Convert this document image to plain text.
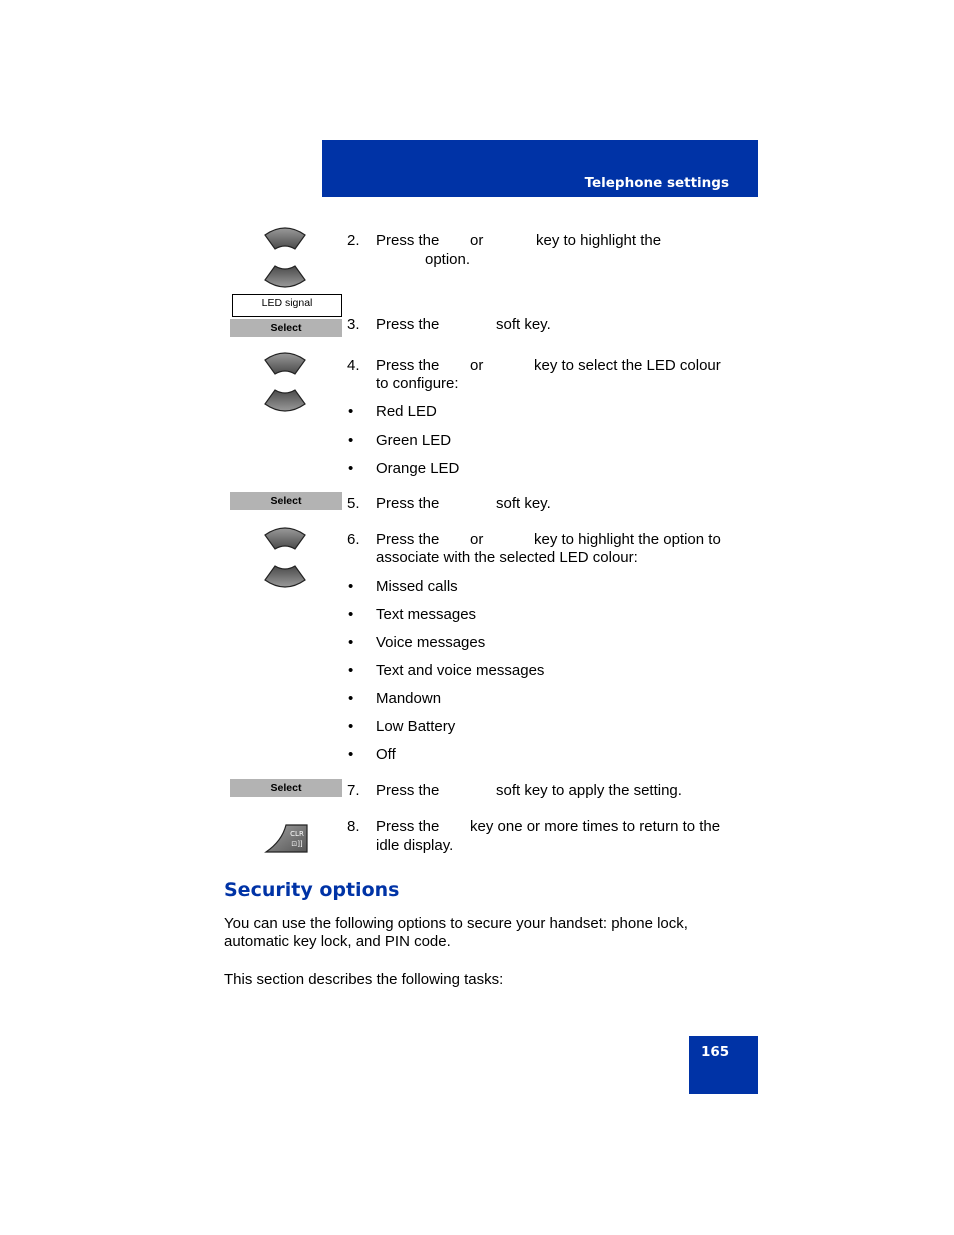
Telephone settings
LED signal
2. Press the or	key to highlight the
option.
Select	3. Press the	soft key.
4. Press the or	key to select the LED colour
to configure:
• Red LED
• Green LED
• Orange LED
Select	5. Press the	soft key.
6. Press the or	key to highlight the option to
associate with the selected LED colour:
• Missed calls
• Text messages
• Voice messages
• Text and voice messages
• Mandown
• Low Battery
• Off
Select	7. Press the	soft key to apply the setting.
CLR
⊡]]
8. Press the key one or more times to return to the
idle display.
Security options
You can use the following options to secure your handset: phone lock,
automatic key lock, and PIN code.
This section describes the following tasks:
165
